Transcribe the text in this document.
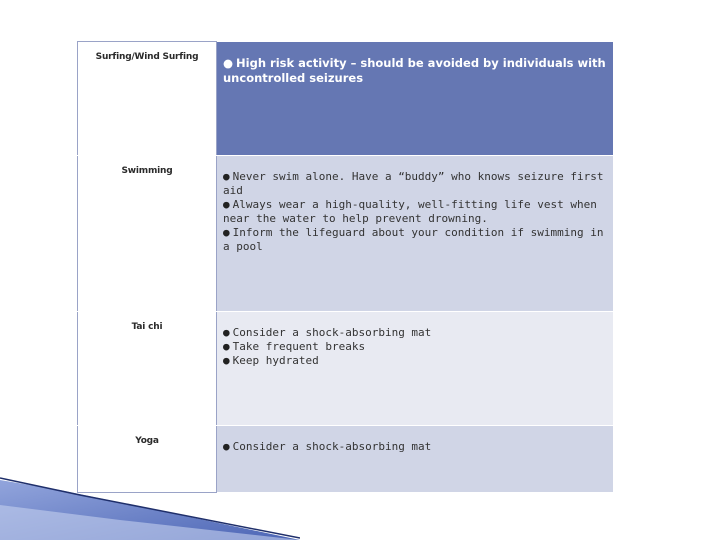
Surfing/Wind Surfing	● High risk activity – should be avoided by individuals with uncontrolled seizures

Swimming	● Never swim alone. Have a “buddy” who knows seizure first aid
● Always wear a high-quality, well-fitting life vest when near the water to help prevent drowning.
● Inform the lifeguard about your condition if swimming in a pool

Tai chi	● Consider a shock-absorbing mat
● Take frequent breaks
● Keep hydrated

Yoga	● Consider a shock-absorbing mat
